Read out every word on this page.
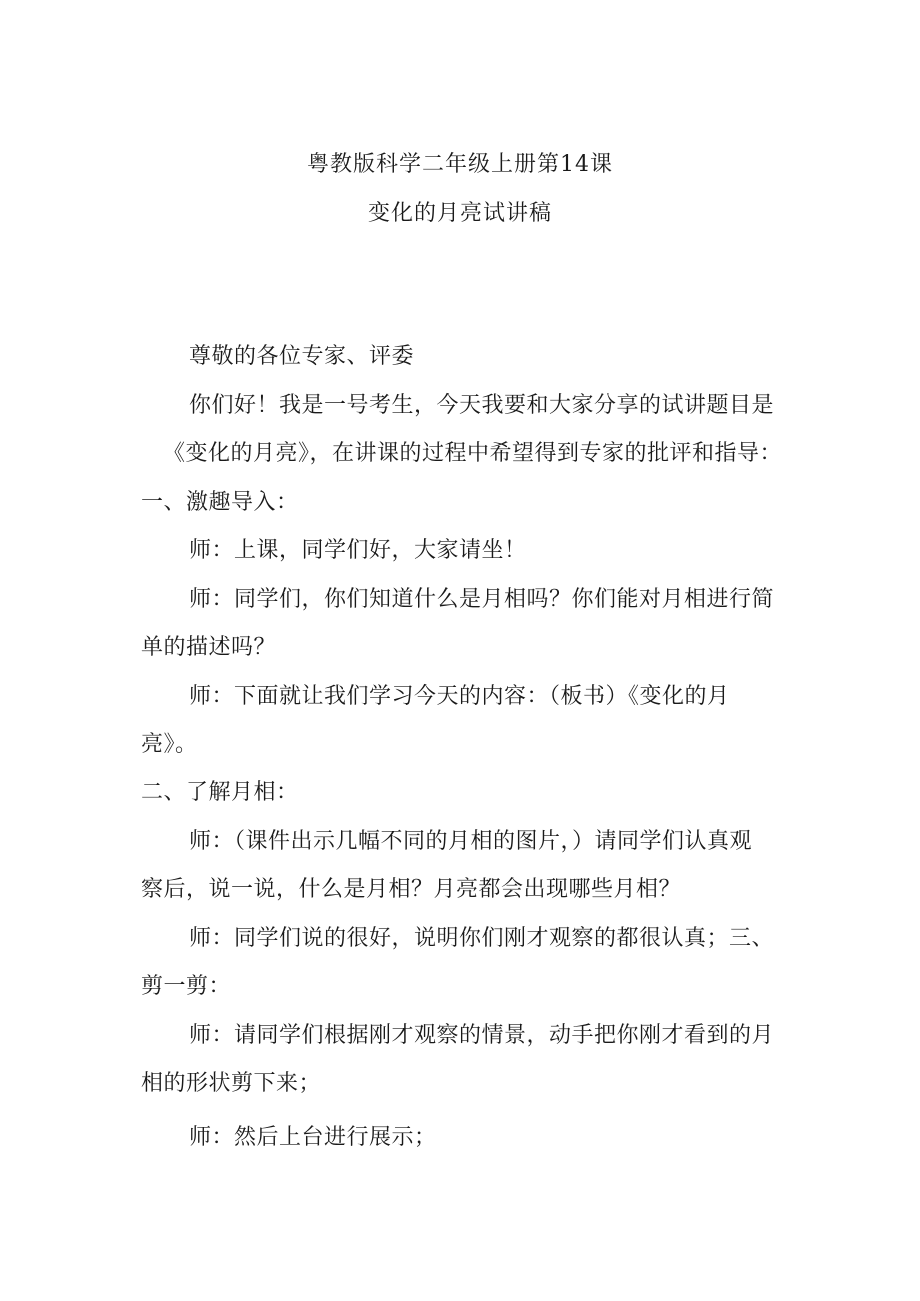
粤教版科学二年级上册第14课
变化的月亮试讲稿
尊敬的各位专家、评委
你们好！我是一号考生，今天我要和大家分享的试讲题目是
《变化的月亮》，在讲课的过程中希望得到专家的批评和指导：
一、激趣导入：
师：上课，同学们好，大家请坐！
师：同学们，你们知道什么是月相吗？你们能对月相进行简
单的描述吗？
师：下面就让我们学习今天的内容：（板书）《变化的月
亮》。
二、了解月相：
师：（课件出示几幅不同的月相的图片，）请同学们认真观
察后，说一说，什么是月相？月亮都会出现哪些月相？
师：同学们说的很好，说明你们刚才观察的都很认真；三、
剪一剪：
师：请同学们根据刚才观察的情景，动手把你刚才看到的月
相的形状剪下来；
师：然后上台进行展示；
